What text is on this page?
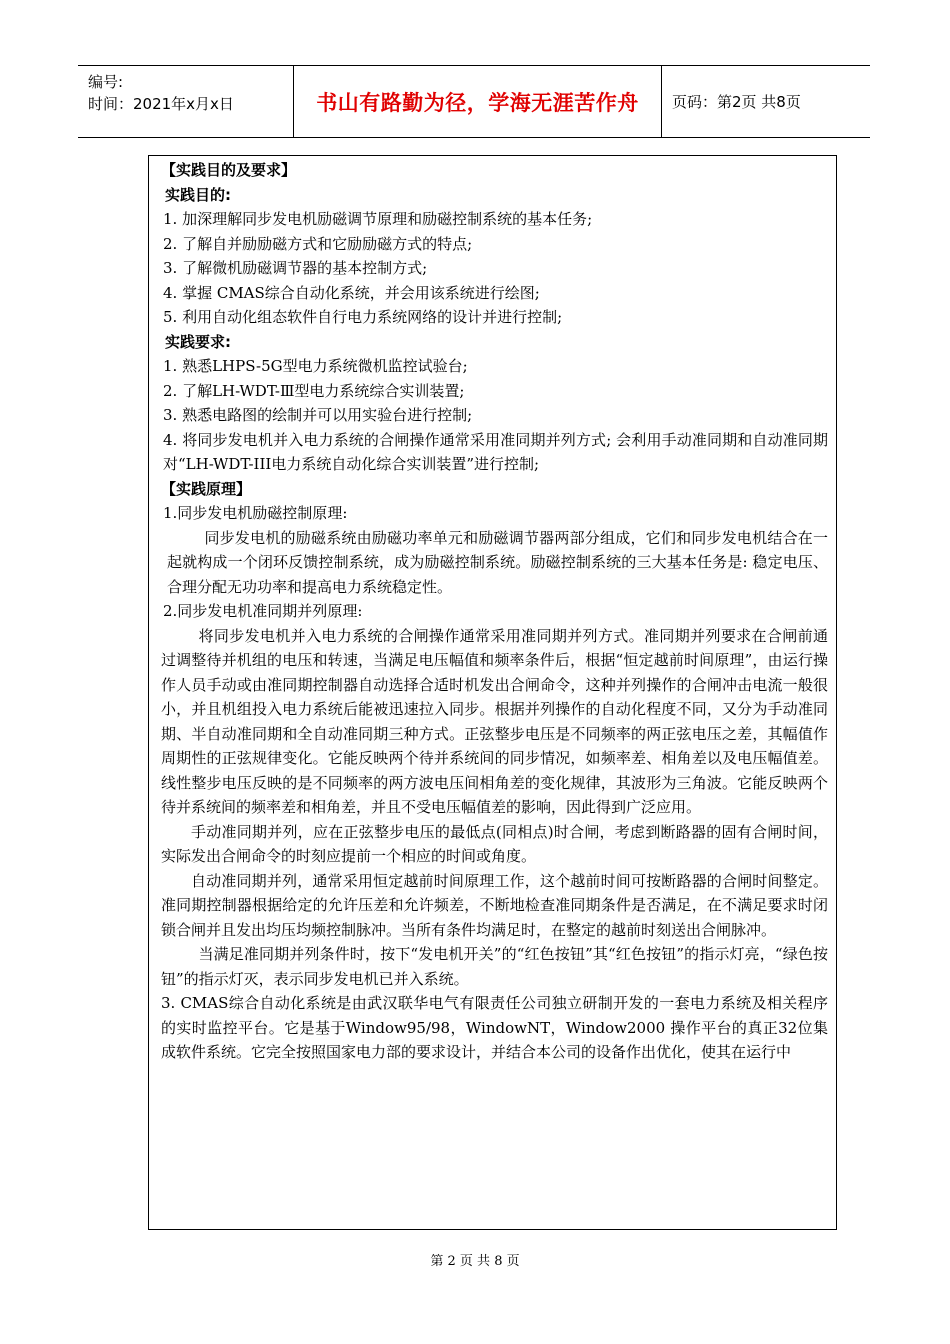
编号:
时间：2021年x月x日	书山有路勤为径，学海无涯苦作舟	页码：第2页 共8页

【实践目的及要求】

实践目的:

1. 加深理解同步发电机励磁调节原理和励磁控制系统的基本任务;

2. 了解自并励励磁方式和它励励磁方式的特点;

3. 了解微机励磁调节器的基本控制方式;

4. 掌握 CMAS综合自动化系统，并会用该系统进行绘图;

5. 利用自动化组态软件自行电力系统网络的设计并进行控制;

实践要求:

1. 熟悉LHPS-5G型电力系统微机监控试验台;

2. 了解LH-WDT-Ⅲ型电力系统综合实训装置;

3. 熟悉电路图的绘制并可以用实验台进行控制;

4. 将同步发电机并入电力系统的合闸操作通常采用准同期并列方式; 会利用手动准同期和自动准同期对“LH-WDT-III电力系统自动化综合实训装置”进行控制;

【实践原理】

1.同步发电机励磁控制原理:

同步发电机的励磁系统由励磁功率单元和励磁调节器两部分组成，它们和同步发电机结合在一起就构成一个闭环反馈控制系统，成为励磁控制系统。励磁控制系统的三大基本任务是: 稳定电压、合理分配无功功率和提高电力系统稳定性。

2.同步发电机准同期并列原理:

将同步发电机并入电力系统的合闸操作通常采用准同期并列方式。准同期并列要求在合闸前通过调整待并机组的电压和转速，当满足电压幅值和频率条件后，根据“恒定越前时间原理”，由运行操作人员手动或由准同期控制器自动选择合适时机发出合闸命令，这种并列操作的合闸冲击电流一般很小，并且机组投入电力系统后能被迅速拉入同步。根据并列操作的自动化程度不同，又分为手动准同期、半自动准同期和全自动准同期三种方式。正弦整步电压是不同频率的两正弦电压之差，其幅值作周期性的正弦规律变化。它能反映两个待并系统间的同步情况，如频率差、相角差以及电压幅值差。线性整步电压反映的是不同频率的两方波电压间相角差的变化规律，其波形为三角波。它能反映两个待并系统间的频率差和相角差，并且不受电压幅值差的影响，因此得到广泛应用。

手动准同期并列，应在正弦整步电压的最低点(同相点)时合闸，考虑到断路器的固有合闸时间，实际发出合闸命令的时刻应提前一个相应的时间或角度。

自动准同期并列，通常采用恒定越前时间原理工作，这个越前时间可按断路器的合闸时间整定。准同期控制器根据给定的允许压差和允许频差，不断地检查准同期条件是否满足，在不满足要求时闭锁合闸并且发出均压均频控制脉冲。当所有条件均满足时，在整定的越前时刻送出合闸脉冲。

当满足准同期并列条件时，按下“发电机开关”的“红色按钮”其“红色按钮”的指示灯亮，“绿色按钮”的指示灯灭，表示同步发电机已并入系统。

3. CMAS综合自动化系统是由武汉联华电气有限责任公司独立研制开发的一套电力系统及相关程序的实时监控平台。它是基于Window95/98，WindowNT，Window2000 操作平台的真正32位集成软件系统。它完全按照国家电力部的要求设计，并结合本公司的设备作出优化，使其在运行中

第 2 页 共 8 页
